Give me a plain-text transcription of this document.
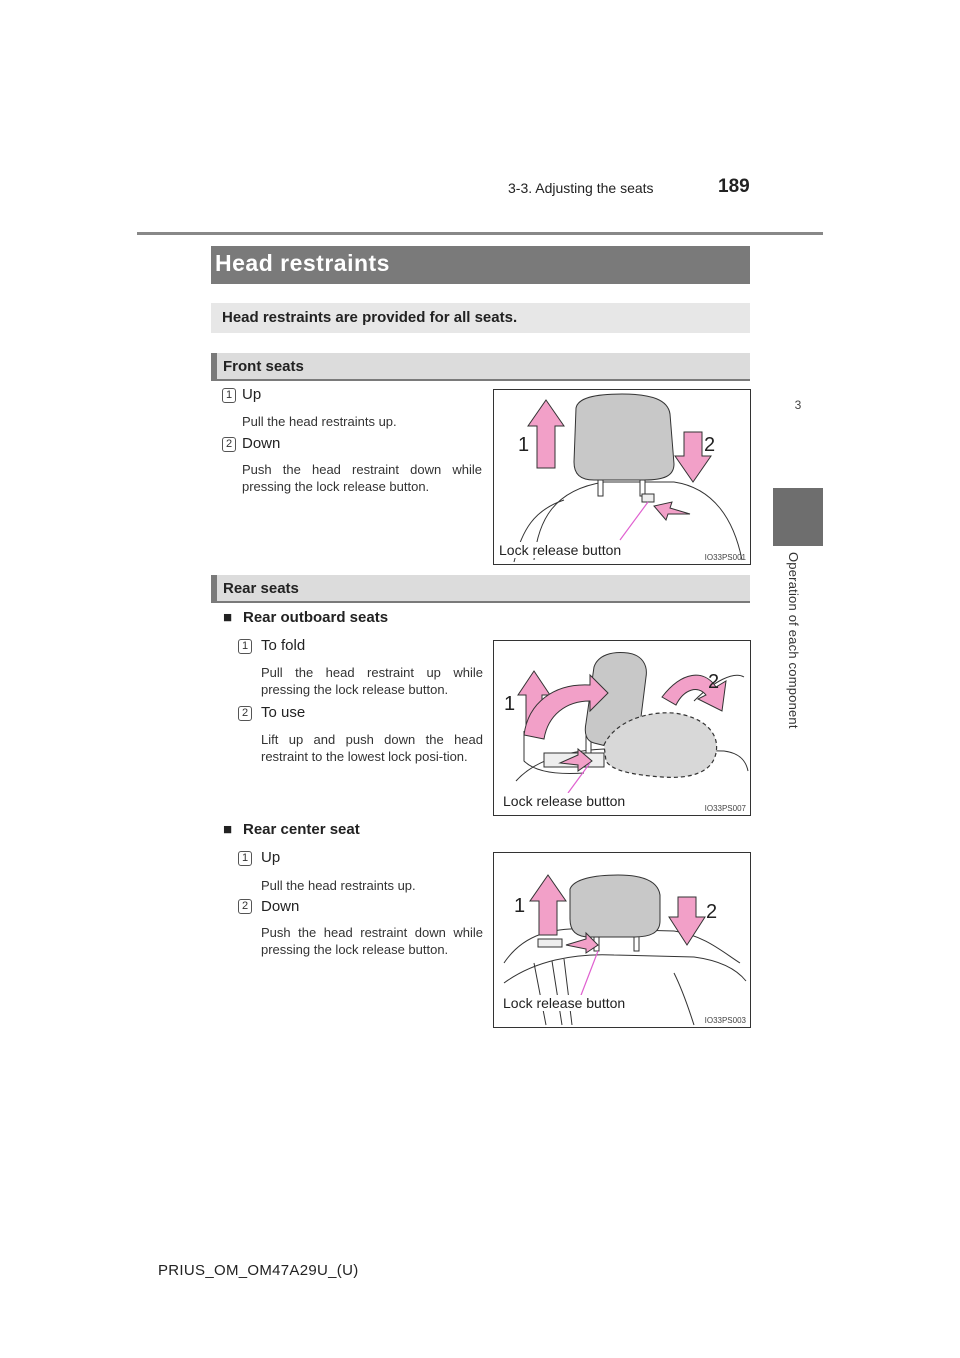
3-3. Adjusting the seats	189
3
Operation of each component
Head restraints
Head restraints are provided for all seats.
Front seats
1 Up
Pull the head restraints up.
2 Down
Push the head restraint down while pressing the lock release button.
1	2
Lock release button	IO33PS001
Rear seats
■ Rear outboard seats
1 To fold
Pull the head restraint up while pressing the lock release button.
2 To use
Lift up and push down the head restraint to the lowest lock posi-tion.
1
2
Lock release button	IO33PS007
■ Rear center seat
1 Up
Pull the head restraints up.
2 Down
Push the head restraint down while pressing the lock release button.
1	2
Lock release button
IO33PS003
PRIUS_OM_OM47A29U_(U)
